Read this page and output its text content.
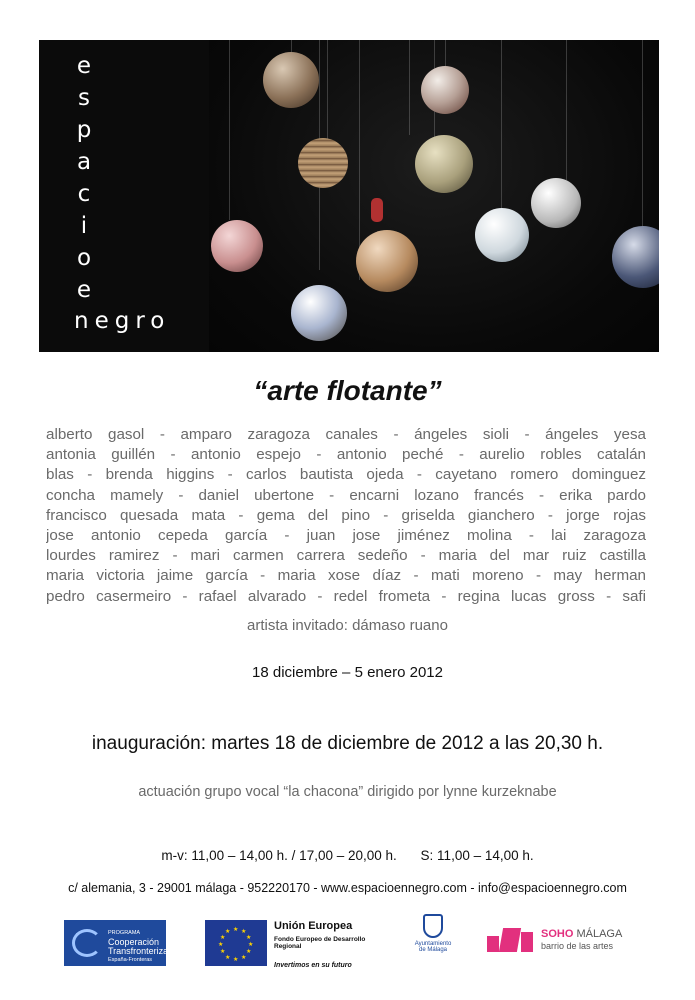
e
s
p
a
c
i
o
e
negro
“arte flotante”
alberto gasol - amparo zaragoza canales - ángeles sioli - ángeles yesa
antonia guillén - antonio espejo - antonio peché - aurelio robles catalán
blas - brenda higgins - carlos bautista ojeda - cayetano romero dominguez
concha mamely - daniel ubertone - encarni lozano francés - erika pardo
francisco quesada mata - gema del pino - griselda gianchero - jorge rojas
jose antonio cepeda garcía - juan jose jiménez molina - lai zaragoza
lourdes ramirez - mari carmen carrera sedeño - maria del mar ruiz castilla
maria victoria jaime garcía - maria xose díaz - mati moreno - may herman
pedro casermeiro - rafael alvarado - redel frometa - regina lucas gross - safi
artista invitado: dámaso ruano
18 diciembre – 5 enero 2012
inauguración: martes 18 de diciembre de 2012 a las 20,30 h.
actuación grupo vocal “la chacona” dirigido por lynne kurzeknabe
m-v: 11,00 – 14,00 h. / 17,00 – 20,00 h. S: 11,00 – 14,00 h.
c/ alemania, 3 - 29001 málaga - 952220170 - www.espacioennegro.com - info@espacioennegro.com
PROGRAMA
Cooperación
Transfronteriza
España-Fronteras Exteriores
★ ★
★
★
★
★
★
★
★
★
★
★	Unión Europea
Fondo Europeo de Desarrollo Regional
Invertimos en su futuro
Ayuntamiento
de Málaga
SOHO MÁLAGA
barrio de las artes
